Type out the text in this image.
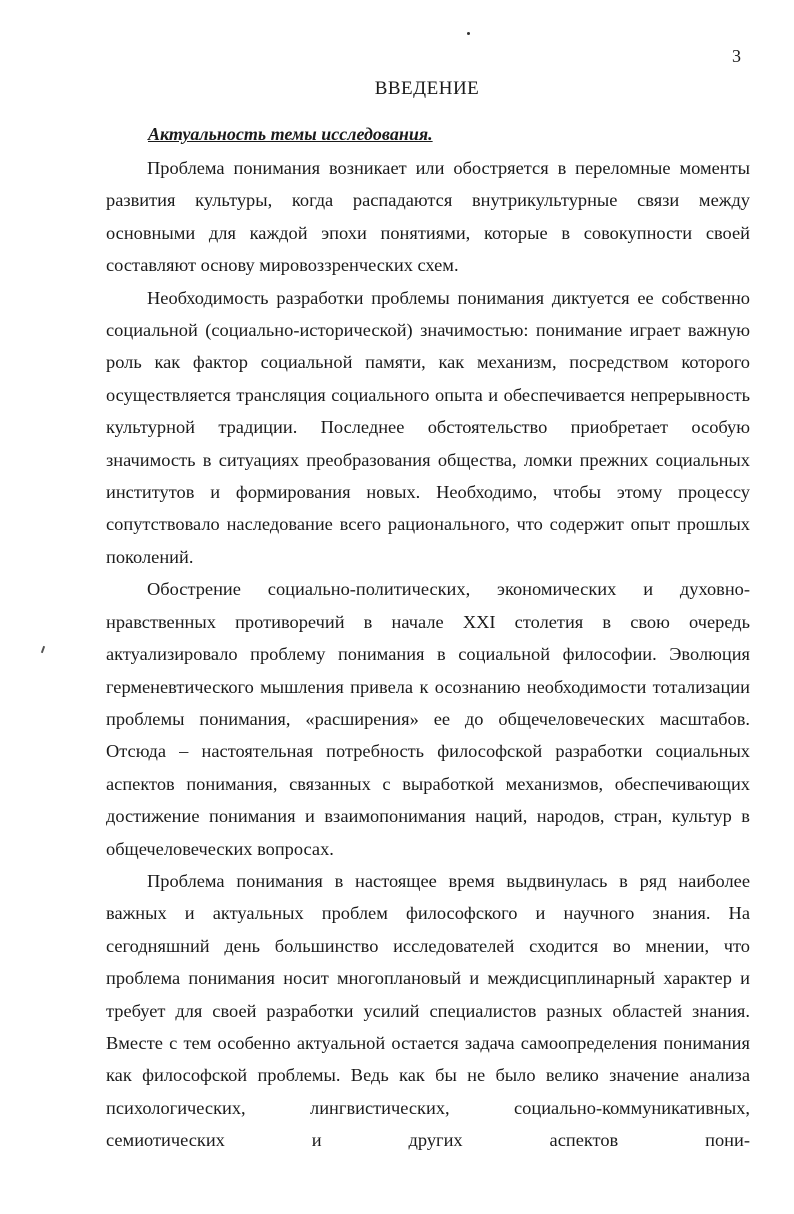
3
ВВЕДЕНИЕ
Актуальность темы исследования.

Проблема понимания возникает или обостряется в переломные моменты развития культуры, когда распадаются внутрикультурные связи между основными для каждой эпохи понятиями, которые в совокупности своей составляют основу мировоззренческих схем.

Необходимость разработки проблемы понимания диктуется ее собственно социальной (социально-исторической) значимостью: понимание играет важную роль как фактор социальной памяти, как механизм, посредством которого осуществляется трансляция социального опыта и обеспечивается непрерывность культурной традиции. Последнее обстоятельство приобретает особую значимость в ситуациях преобразования общества, ломки прежних социальных институтов и формирования новых. Необходимо, чтобы этому процессу сопутствовало наследование всего рационального, что содержит опыт прошлых поколений.

Обострение социально-политических, экономических и духовно-нравственных противоречий в начале XXI столетия в свою очередь актуализировало проблему понимания в социальной философии. Эволюция герменевтического мышления привела к осознанию необходимости тотализации проблемы понимания, «расширения» ее до общечеловеческих масштабов. Отсюда – настоятельная потребность философской разработки социальных аспектов понимания, связанных с выработкой механизмов, обеспечивающих достижение понимания и взаимопонимания наций, народов, стран, культур в общечеловеческих вопросах.

Проблема понимания в настоящее время выдвинулась в ряд наиболее важных и актуальных проблем философского и научного знания. На сегодняшний день большинство исследователей сходится во мнении, что проблема понимания носит многоплановый и междисциплинарный характер и требует для своей разработки усилий специалистов разных областей знания. Вместе с тем особенно актуальной остается задача самоопределения понимания как философской проблемы. Ведь как бы не было велико значение анализа психологических, лингвистических, социально-коммуникативных, семиотических и других аспектов пони-
